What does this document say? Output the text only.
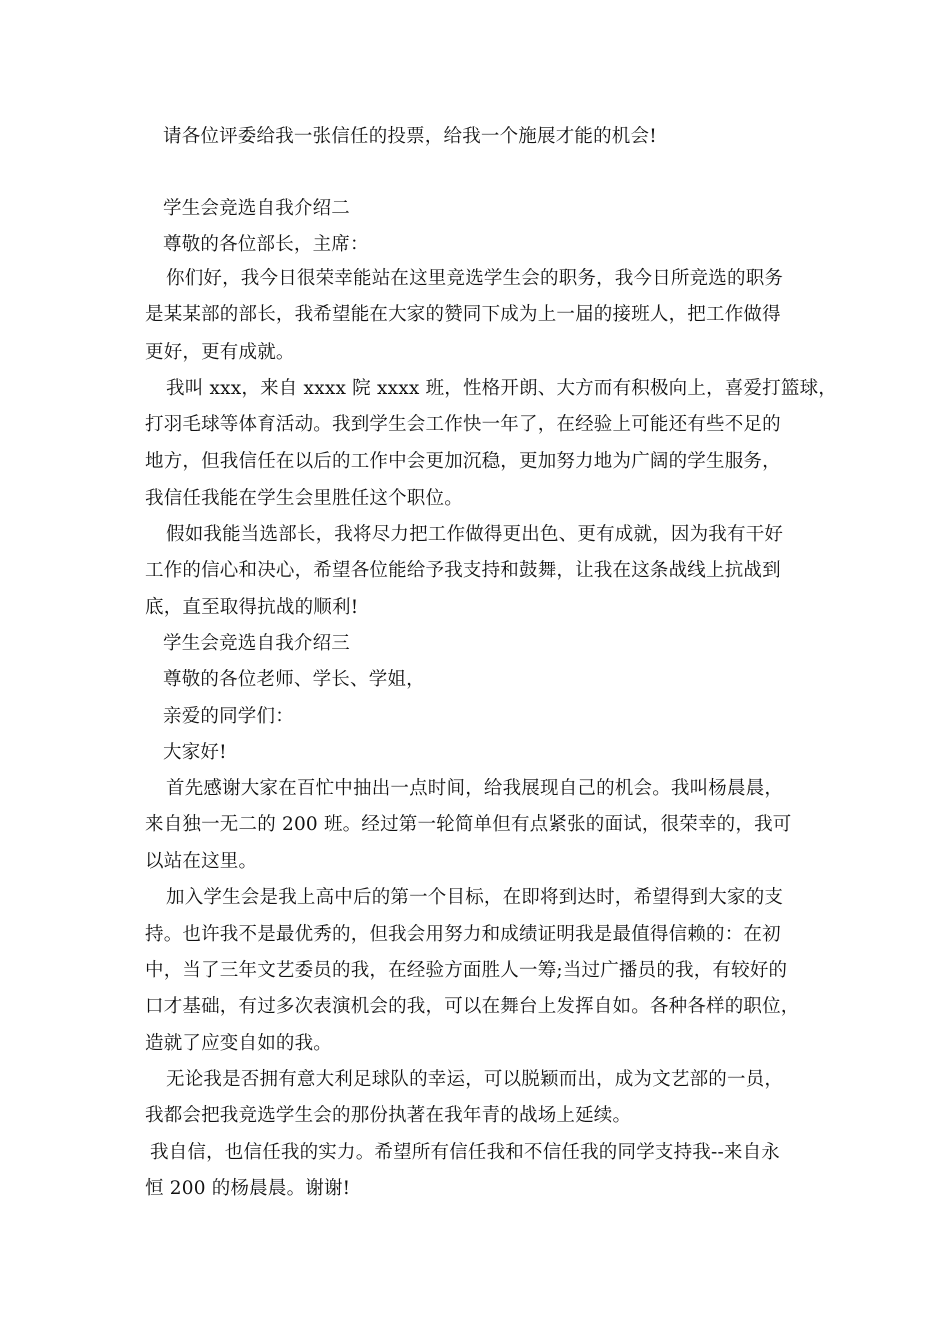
请各位评委给我一张信任的投票，给我一个施展才能的机会!
学生会竞选自我介绍二
尊敬的各位部长，主席：
你们好，我今日很荣幸能站在这里竞选学生会的职务，我今日所竞选的职务
是某某部的部长，我希望能在大家的赞同下成为上一届的接班人，把工作做得
更好，更有成就。
我叫 xxx，来自 xxxx 院 xxxx 班，性格开朗、大方而有积极向上，喜爱打篮球，
打羽毛球等体育活动。我到学生会工作快一年了，在经验上可能还有些不足的
地方，但我信任在以后的工作中会更加沉稳，更加努力地为广阔的学生服务，
我信任我能在学生会里胜任这个职位。
假如我能当选部长，我将尽力把工作做得更出色、更有成就，因为我有干好
工作的信心和决心，希望各位能给予我支持和鼓舞，让我在这条战线上抗战到
底，直至取得抗战的顺利!
学生会竞选自我介绍三
尊敬的各位老师、学长、学姐，
亲爱的同学们：
大家好!
首先感谢大家在百忙中抽出一点时间，给我展现自己的机会。我叫杨晨晨，
来自独一无二的 200 班。经过第一轮简单但有点紧张的面试，很荣幸的，我可
以站在这里。
加入学生会是我上高中后的第一个目标，在即将到达时，希望得到大家的支
持。也许我不是最优秀的，但我会用努力和成绩证明我是最值得信赖的：在初
中，当了三年文艺委员的我，在经验方面胜人一筹;当过广播员的我，有较好的
口才基础，有过多次表演机会的我，可以在舞台上发挥自如。各种各样的职位，
造就了应变自如的我。
无论我是否拥有意大利足球队的幸运，可以脱颖而出，成为文艺部的一员，
我都会把我竞选学生会的那份执著在我年青的战场上延续。
我自信，也信任我的实力。希望所有信任我和不信任我的同学支持我--来自永
恒 200 的杨晨晨。谢谢!
